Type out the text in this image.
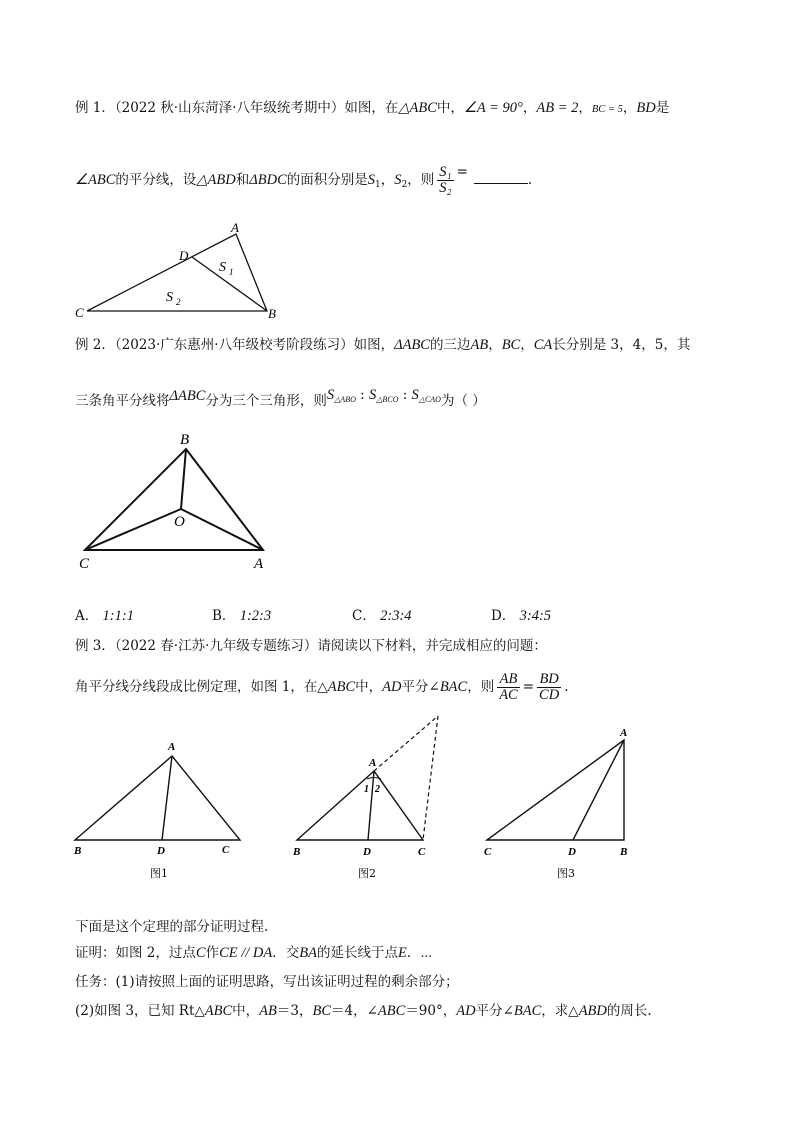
例 1．（2022 秋·山东菏泽·八年级统考期中）如图，在△ABC中，∠A = 90°，AB = 2，BC = 5，BD是
∠ABC的平分线，设△ABD和ΔBDC的面积分别是$S_1$，$S_2$，则 $\frac{\text{S₁}}{\text{S₂}}$ =	.
A
B
C
D
S 1
S 2
例 2．（2023·广东惠州·八年级校考阶段练习）如图，ΔABC的三边AB，BC，CA长分别是 3，4，5，其
三条角平分线将ΔABC分为三个三角形，则$S_{\triangle ABO}$ : $S_{\triangle BCO}$ : $S_{\triangle CAO}$为（ ）
B
O
C	A
A． 1:1:1	B． 1:2:3	C． 2:3:4	D． 3:4:5
例 3．（2022 春·江苏·九年级专题练习）请阅读以下材料，并完成相应的问题：
角平分线分线段成比例定理，如图 1，在△ABC中，AD平分∠BAC，则 $\frac{AB}{AC} = \frac{BD}{CD}$ .
A
B	D	C
图1
A
1 2
B	D	C
图2
A
C	D	B
图3
下面是这个定理的部分证明过程.
证明：如图 2，过点C作CE // DA．交BA的延长线于点E．⋯
任务：(1)请按照上面的证明思路，写出该证明过程的剩余部分；
(2)如图 3，已知 Rt△ABC中，AB＝3，BC＝4，∠ABC＝90°，AD平分∠BAC，求△ABD的周长.
